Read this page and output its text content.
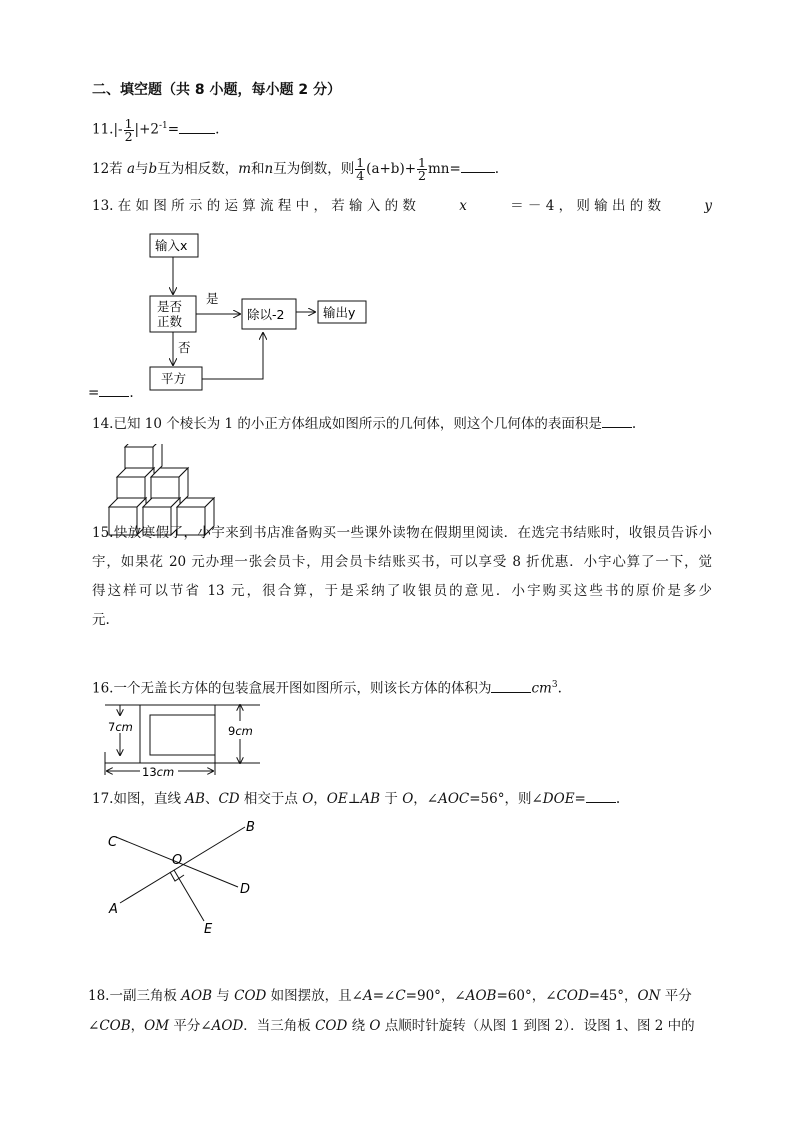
二、填空题（共 8 小题，每小题 2 分）
$11.|- \frac{1}{2} |+2^{-1}=$	.
12若 a与b互为相反数，m和n互为倒数，则 $\frac{1}{4} (a+b)+ \frac{1}{2} mn=$	.
13. 在 如 图 所 示 的 运 算 流 程 中 ， 若 输 入 的 数	x	＝ － 4 ， 则 输 出 的 数	y
输入x
是否
正数
是
除以-2	输出y
否
平方
= .
14.已知 10 个棱长为 1 的小正方体组成如图所示的几何体，则这个几何体的表面积是 .
15.快放寒假了，小宇来到书店准备购买一些课外读物在假期里阅读．在选完书结账时，收银员告诉小
宇，如果花 20 元办理一张会员卡，用会员卡结账买书，可以享受 8 折优惠．小宇心算了一下，觉
得这样可以节省 13 元，很合算，于是采纳了收银员的意见．小宇购买这些书的原价是多少
元.
16.一个无盖长方体的包装盒展开图如图所示，则该长方体的体积为	$cm^3$.
7cm	9cm
13cm
17.如图，直线 AB、CD 相交于点 O，OE⊥AB 于 O，∠AOC=56°，则∠DOE= .
C
B
O
D
A
E
18.一副三角板 AOB 与 COD 如图摆放，且∠A=∠C=90°，∠AOB=60°，∠COD=45°，ON 平分
∠COB，OM 平分∠AOD．当三角板 COD 绕 O 点顺时针旋转（从图 1 到图 2）．设图 1、图 2 中的
